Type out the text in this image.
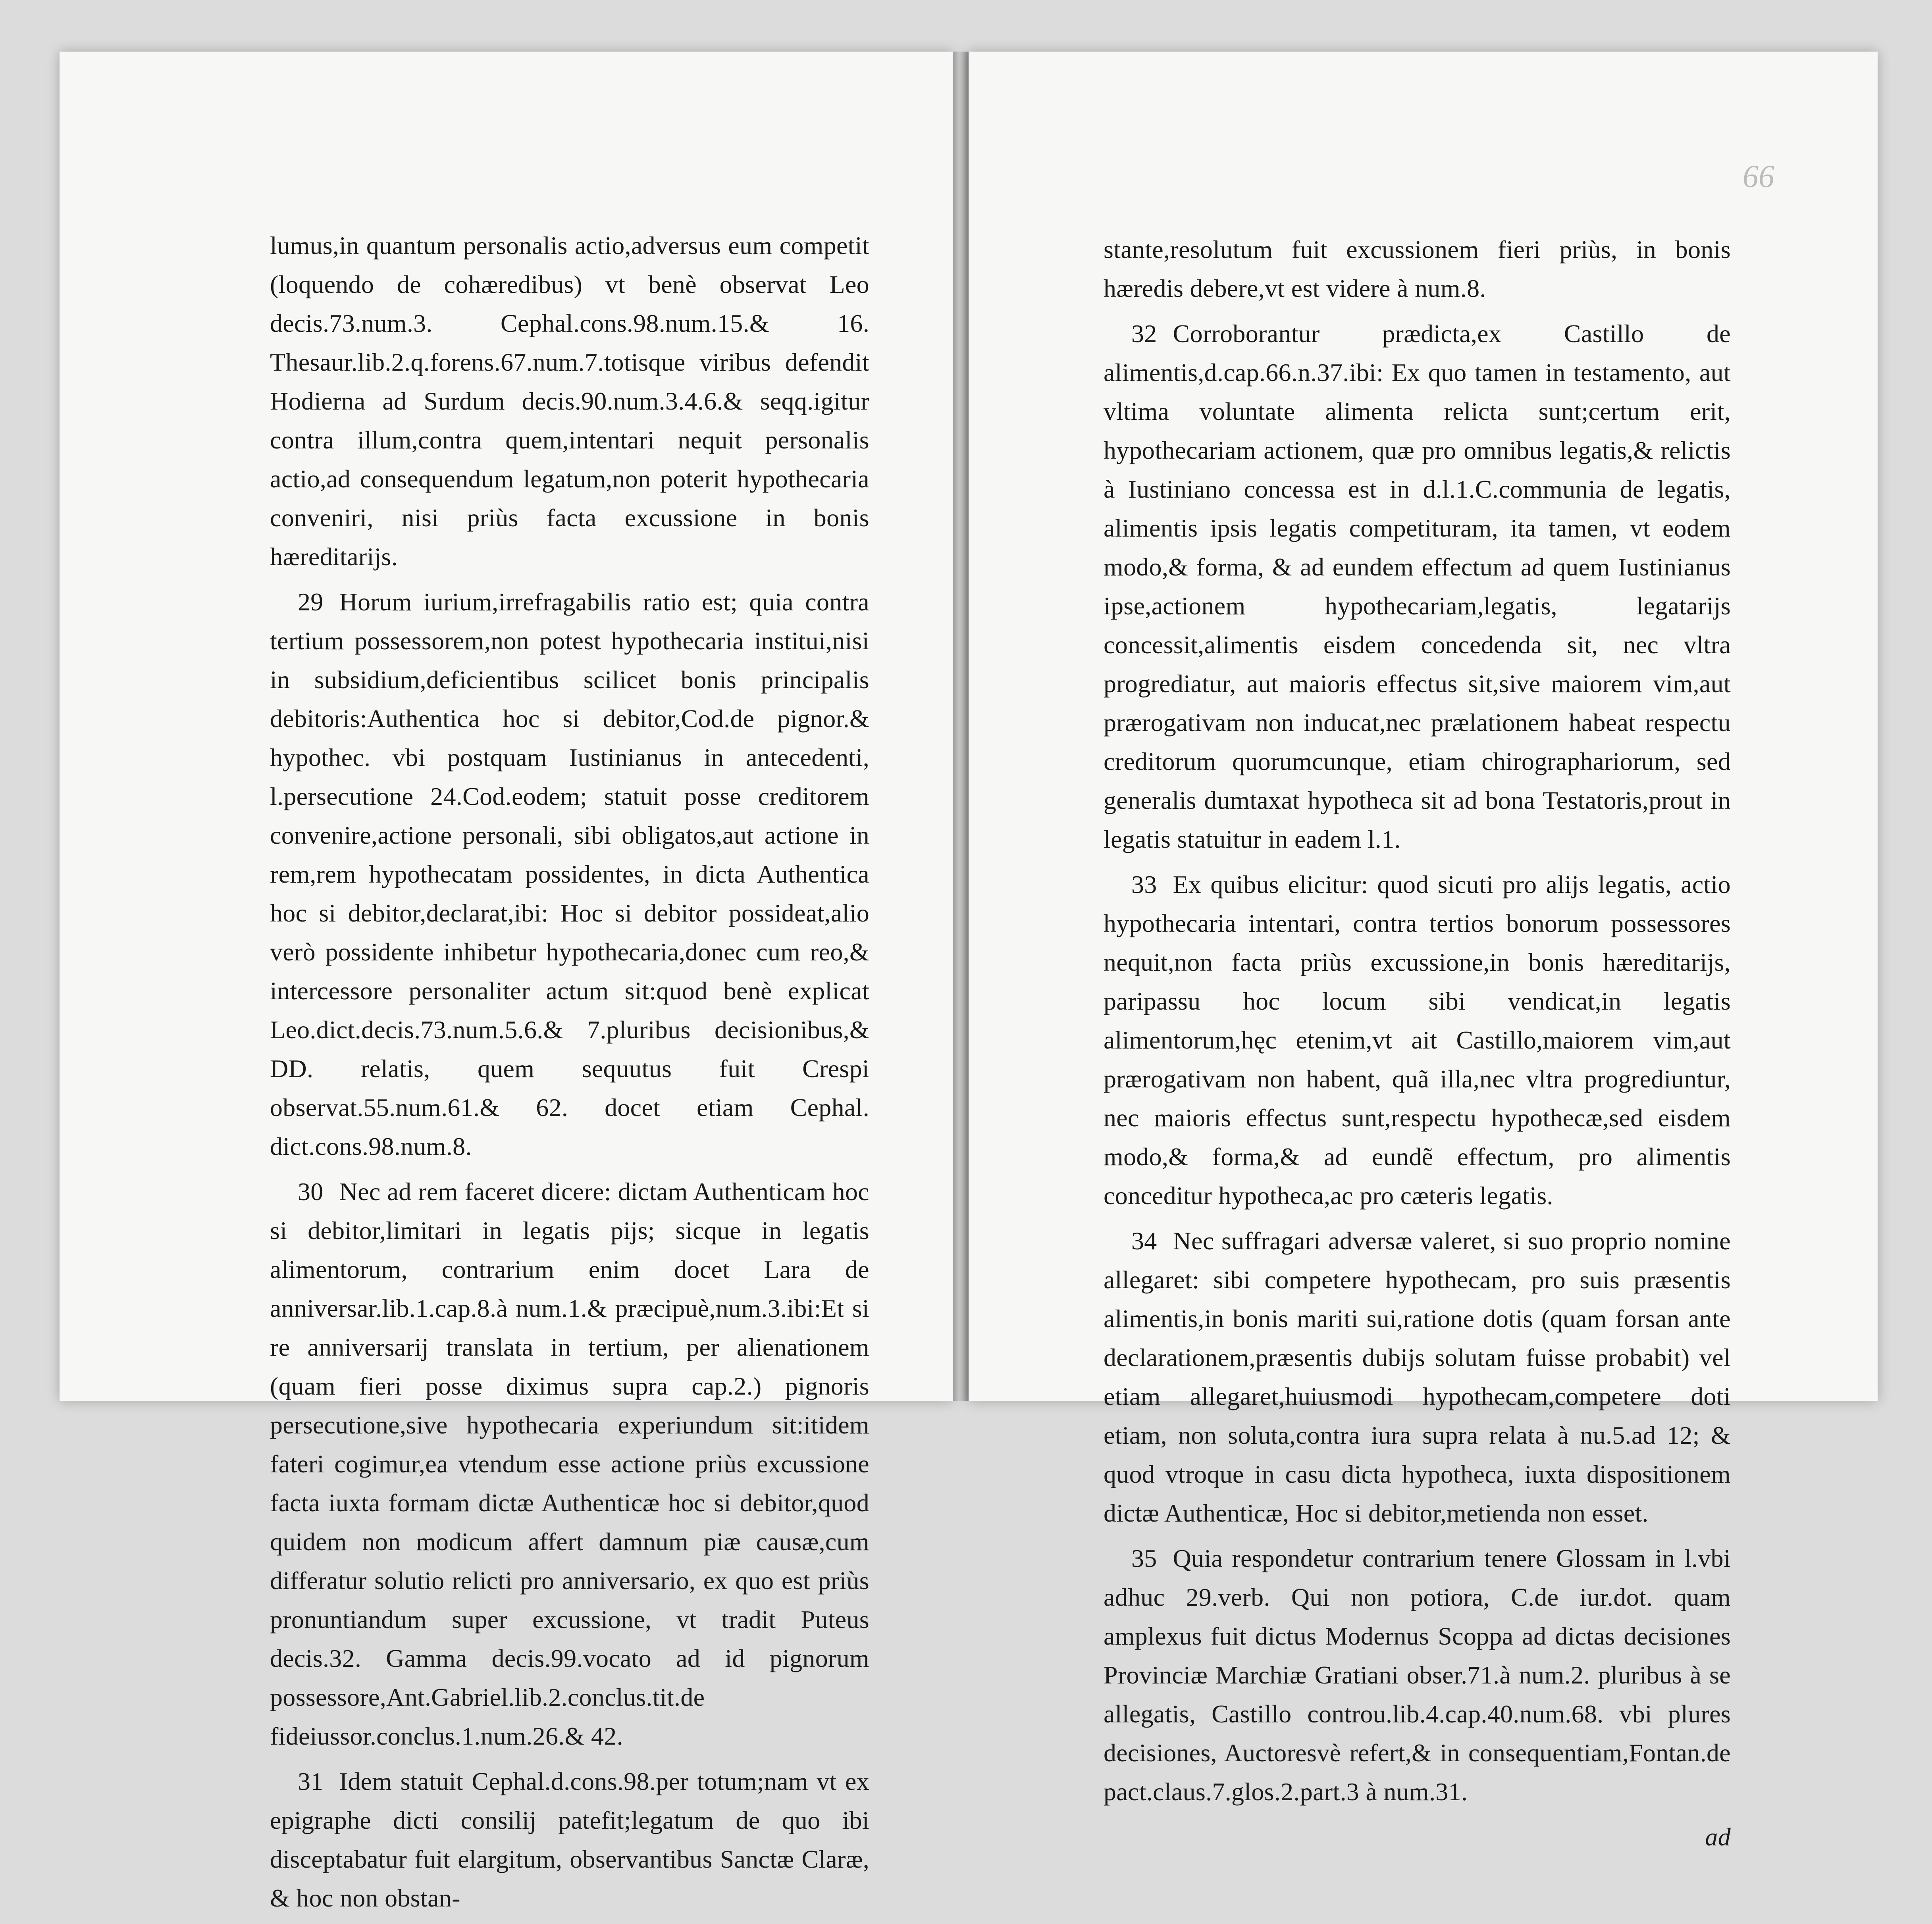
lumus,in quantum personalis actio,adversus eum competit (loquendo de cohæredibus) vt benè observat Leo decis.73.num.3. Cephal.cons.98.num.15.& 16. Thesaur.lib.2.q.forens.67.num.7.totisque viribus defendit Hodierna ad Surdum decis.90.num.3.4.6.& seqq.igitur contra illum,contra quem,intentari nequit personalis actio,ad consequendum legatum,non poterit hypothecaria conveniri, nisi priùs facta excussione in bonis hæreditarijs.

29 Horum iurium,irrefragabilis ratio est; quia contra tertium possessorem,non potest hypothecaria institui,nisi in subsidium,deficientibus scilicet bonis principalis debitoris:Authentica hoc si debitor,Cod.de pignor.& hypothec. vbi postquam Iustinianus in antecedenti, l.persecutione 24.Cod.eodem; statuit posse creditorem convenire,actione personali, sibi obligatos,aut actione in rem,rem hypothecatam possidentes, in dicta Authentica hoc si debitor,declarat,ibi: Hoc si debitor possideat,alio verò possidente inhibetur hypothecaria,donec cum reo,& intercessore personaliter actum sit:quod benè explicat Leo.dict.decis.73.num.5.6.& 7.pluribus decisionibus,& DD. relatis, quem sequutus fuit Crespi observat.55.num.61.& 62. docet etiam Cephal. dict.cons.98.num.8.

30 Nec ad rem faceret dicere: dictam Authenticam hoc si debitor,limitari in legatis pijs; sicque in legatis alimentorum, contrarium enim docet Lara de anniversar.lib.1.cap.8.à num.1.& præcipuè,num.3.ibi:Et si re anniversarij translata in tertium, per alienationem (quam fieri posse diximus supra cap.2.) pignoris persecutione,sive hypothecaria experiundum sit:itidem fateri cogimur,ea vtendum esse actione priùs excussione facta iuxta formam dictæ Authenticæ hoc si debitor,quod quidem non modicum affert damnum piæ causæ,cum differatur solutio relicti pro anniversario, ex quo est priùs pronuntiandum super excussione, vt tradit Puteus decis.32. Gamma decis.99.vocato ad id pignorum possessore,Ant.Gabriel.lib.2.conclus.tit.de fideiussor.conclus.1.num.26.& 42.

31 Idem statuit Cephal.d.cons.98.per totum;nam vt ex epigraphe dicti consilij patefit;legatum de quo ibi disceptabatur fuit elargitum, observantibus Sanctæ Claræ, & hoc non obstan-

66

stante,resolutum fuit excussionem fieri priùs, in bonis hæredis debere,vt est videre à num.8.

32 Corroborantur prædicta,ex Castillo de alimentis,d.cap.66.n.37.ibi: Ex quo tamen in testamento, aut vltima voluntate alimenta relicta sunt;certum erit, hypothecariam actionem, quæ pro omnibus legatis,& relictis à Iustiniano concessa est in d.l.1.C.communia de legatis, alimentis ipsis legatis competituram, ita tamen, vt eodem modo,& forma, & ad eundem effectum ad quem Iustinianus ipse,actionem hypothecariam,legatis, legatarijs concessit,alimentis eisdem concedenda sit, nec vltra progrediatur, aut maioris effectus sit,sive maiorem vim,aut prærogativam non inducat,nec prælationem habeat respectu creditorum quorumcunque, etiam chirographariorum, sed generalis dumtaxat hypotheca sit ad bona Testatoris,prout in legatis statuitur in eadem l.1.

33 Ex quibus elicitur: quod sicuti pro alijs legatis, actio hypothecaria intentari, contra tertios bonorum possessores nequit,non facta priùs excussione,in bonis hæreditarijs, paripassu hoc locum sibi vendicat,in legatis alimentorum,hęc etenim,vt ait Castillo,maiorem vim,aut prærogativam non habent, quã illa,nec vltra progrediuntur, nec maioris effectus sunt,respectu hypothecæ,sed eisdem modo,& forma,& ad eundẽ effectum, pro alimentis conceditur hypotheca,ac pro cæteris legatis.

34 Nec suffragari adversæ valeret, si suo proprio nomine allegaret: sibi competere hypothecam, pro suis præsentis alimentis,in bonis mariti sui,ratione dotis (quam forsan ante declarationem,præsentis dubijs solutam fuisse probabit) vel etiam allegaret,huiusmodi hypothecam,competere doti etiam, non soluta,contra iura supra relata à nu.5.ad 12; & quod vtroque in casu dicta hypotheca, iuxta dispositionem dictæ Authenticæ, Hoc si debitor,metienda non esset.

35 Quia respondetur contrarium tenere Glossam in l.vbi adhuc 29.verb. Qui non potiora, C.de iur.dot. quam amplexus fuit dictus Modernus Scoppa ad dictas decisiones Provinciæ Marchiæ Gratiani obser.71.à num.2. pluribus à se allegatis, Castillo controu.lib.4.cap.40.num.68. vbi plures decisiones, Auctoresvè refert,& in consequentiam,Fontan.de pact.claus.7.glos.2.part.3 à num.31.

ad
